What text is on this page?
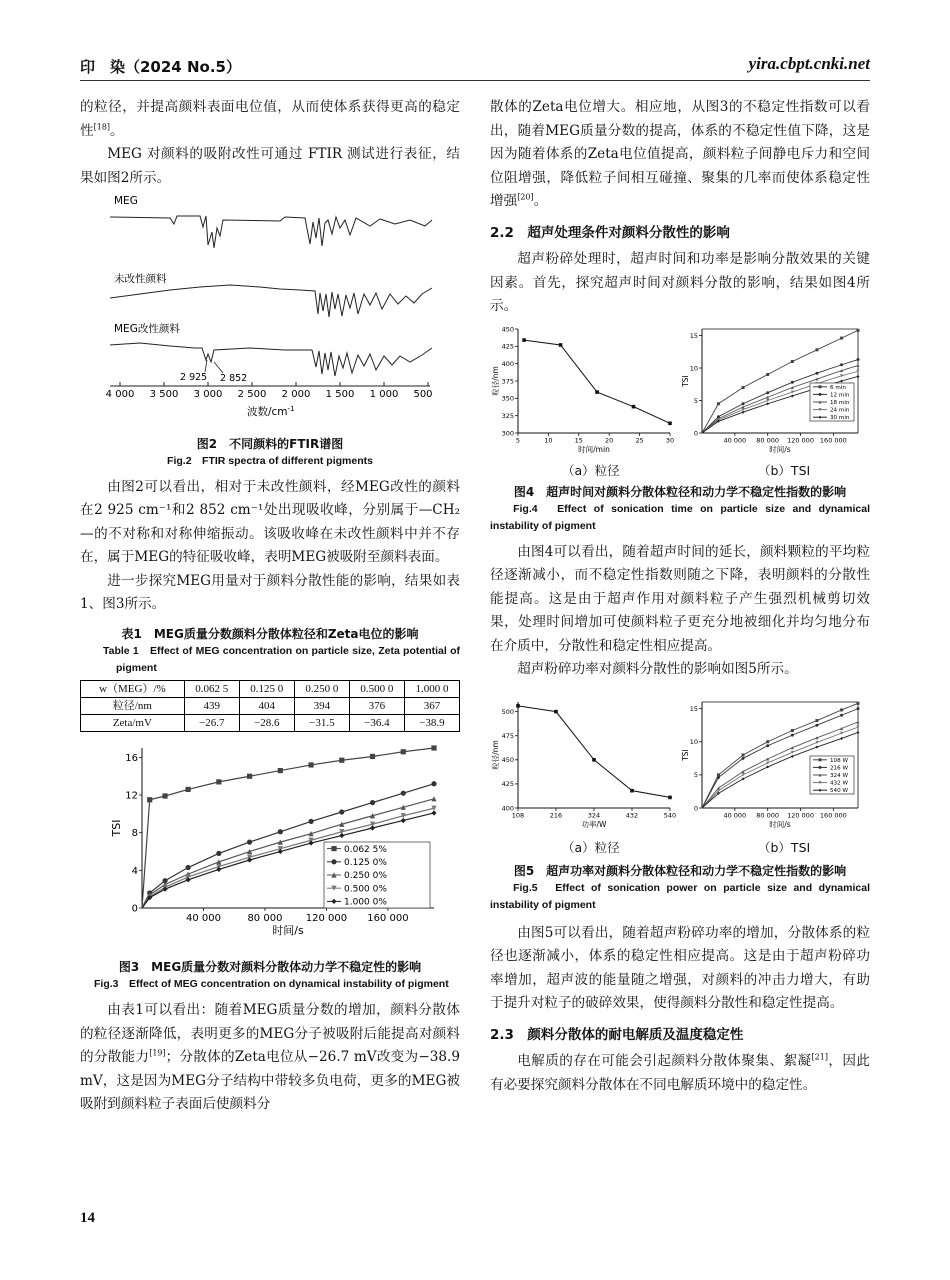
印　染（2024 No.5）	yira.cbpt.cnki.net

的粒径，并提高颜料表面电位值，从而使体系获得更高的稳定性[18]。

MEG 对颜料的吸附改性可通过 FTIR 测试进行表征，结果如图2所示。

MEG
未改性颜料
MEG改性颜料
2 925 2 852
4 000 3 500 3 000 2 500 2 000 1 500 1 000 500
波数$/cm^{-1}$
图2　不同颜料的FTIR谱图
Fig.2　FTIR spectra of different pigments

由图2可以看出，相对于未改性颜料，经MEG改性的颜料在2 925 cm⁻¹和2 852 cm⁻¹处出现吸收峰，分别属于—CH₂—的不对称和对称伸缩振动。该吸收峰在未改性颜料中并不存在，属于MEG的特征吸收峰，表明MEG被吸附至颜料表面。

进一步探究MEG用量对于颜料分散性能的影响，结果如表1、图3所示。

表1　MEG质量分数颜料分散体粒径和Zeta电位的影响
Table 1　Effect of MEG concentration on particle size, Zeta potential of pigment
w（MEG）/%	0.062 5	0.125 0	0.250 0	0.500 0	1.000 0
粒径/nm	439	404	394	376	367
Zeta/mV	−26.7	−28.6	−31.5	−36.4	−38.9
0
4
8
12
16
40 000	80 000 120 000 160 000
时间/s
TSI
0.062 5%
0.125 0%
0.250 0%
0.500 0%
1.000 0%
图3　MEG质量分数对颜料分散体动力学不稳定性的影响
Fig.3　Effect of MEG concentration on dynamical instability of pigment

由表1可以看出：随着MEG质量分数的增加，颜料分散体的粒径逐渐降低，表明更多的MEG分子被吸附后能提高对颜料的分散能力[19]；分散体的Zeta电位从−26.7 mV改变为−38.9 mV，这是因为MEG分子结构中带较多负电荷，更多的MEG被吸附到颜料粒子表面后使颜料分

散体的Zeta电位增大。相应地，从图3的不稳定性指数可以看出，随着MEG质量分数的提高，体系的不稳定性值下降，这是因为随着体系的Zeta电位值提高，颜料粒子间静电斥力和空间位阻增强，降低粒子间相互碰撞、聚集的几率而使体系稳定性增强[20]。

2.2　超声处理条件对颜料分散性的影响

超声粉碎处理时，超声时间和功率是影响分散效果的关键因素。首先，探究超声时间对颜料分散的影响，结果如图4所示。

300
325
350
375
400
425
450
5	10	15	20	25	30
时间/min
粒径/nm
0
5
10
15
40 000 80 000 120 000 160 000
时间/s
TSI
6 min
12 min
18 min
24 min
30 min
（a）粒径	（b）TSI
图4　超声时间对颜料分散体粒径和动力学不稳定性指数的影响
Fig.4　Effect of sonication time on particle size and dynamical instability of pigment

由图4可以看出，随着超声时间的延长，颜料颗粒的平均粒径逐渐减小，而不稳定性指数则随之下降，表明颜料的分散性能提高。这是由于超声作用对颜料粒子产生强烈机械剪切效果，处理时间增加可使颜料粒子更充分地被细化并均匀地分布在介质中，分散性和稳定性相应提高。

超声粉碎功率对颜料分散性的影响如图5所示。

400
425
450
475
500
108	216	324	432	540
功率/W
粒径/nm
0
5
10
15
40 000 80 000 120 000 160 000
时间/s
TSI	108 W
216 W
324 W
432 W
540 W
（a）粒径	（b）TSI
图5　超声功率对颜料分散体粒径和动力学不稳定性指数的影响
Fig.5　Effect of sonication power on particle size and dynamical instability of pigment

由图5可以看出，随着超声粉碎功率的增加，分散体系的粒径也逐渐减小，体系的稳定性相应提高。这是由于超声粉碎功率增加，超声波的能量随之增强，对颜料的冲击力增大，有助于提升对粒子的破碎效果，使得颜料分散性和稳定性提高。

2.3　颜料分散体的耐电解质及温度稳定性

电解质的存在可能会引起颜料分散体聚集、絮凝[21]，因此有必要探究颜料分散体在不同电解质环境中的稳定性。

14
